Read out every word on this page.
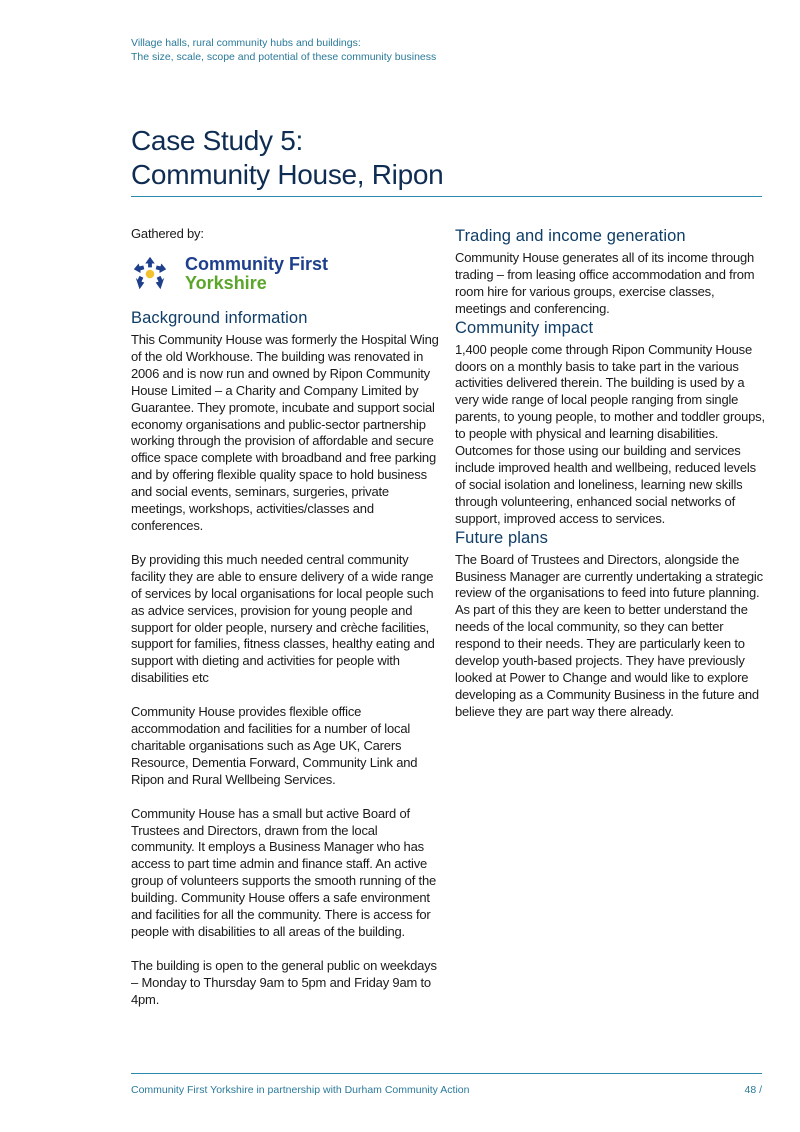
Village halls, rural community hubs and buildings:
The size, scale, scope and potential of these community business
Case Study 5:
Community House, Ripon

Gathered by:

Community First
Yorkshire
Background information

This Community House was formerly the Hospital Wing of the old Workhouse. The building was renovated in 2006 and is now run and owned by Ripon Community House Limited – a Charity and Company Limited by Guarantee. They promote, incubate and support social economy organisations and public-sector partnership working through the provision of affordable and secure office space complete with broadband and free parking and by offering flexible quality space to hold business and social events, seminars, surgeries, private meetings, workshops, activities/classes and conferences.

By providing this much needed central community facility they are able to ensure delivery of a wide range of services by local organisations for local people such as advice services, provision for young people and support for older people, nursery and crèche facilities, support for families, fitness classes, healthy eating and support with dieting and activities for people with disabilities etc

Community House provides flexible office accommodation and facilities for a number of local charitable organisations such as Age UK, Carers Resource, Dementia Forward, Community Link and Ripon and Rural Wellbeing Services.

Community House has a small but active Board of Trustees and Directors, drawn from the local community. It employs a Business Manager who has access to part time admin and finance staff. An active group of volunteers supports the smooth running of the building. Community House offers a safe environment and facilities for all the community. There is access for people with disabilities to all areas of the building.

The building is open to the general public on weekdays – Monday to Thursday 9am to 5pm and Friday 9am to 4pm.

Trading and income generation

Community House generates all of its income through trading – from leasing office accommodation and from room hire for various groups, exercise classes, meetings and conferencing.

Community impact

1,400 people come through Ripon Community House doors on a monthly basis to take part in the various activities delivered therein. The building is used by a very wide range of local people ranging from single parents, to young people, to mother and toddler groups, to people with physical and learning disabilities. Outcomes for those using our building and services include improved health and wellbeing, reduced levels of social isolation and loneliness, learning new skills through volunteering, enhanced social networks of support, improved access to services.

Future plans

The Board of Trustees and Directors, alongside the Business Manager are currently undertaking a strategic review of the organisations to feed into future planning. As part of this they are keen to better understand the needs of the local community, so they can better respond to their needs. They are particularly keen to develop youth-based projects. They have previously looked at Power to Change and would like to explore developing as a Community Business in the future and believe they are part way there already.

Community First Yorkshire in partnership with Durham Community Action	48 /
